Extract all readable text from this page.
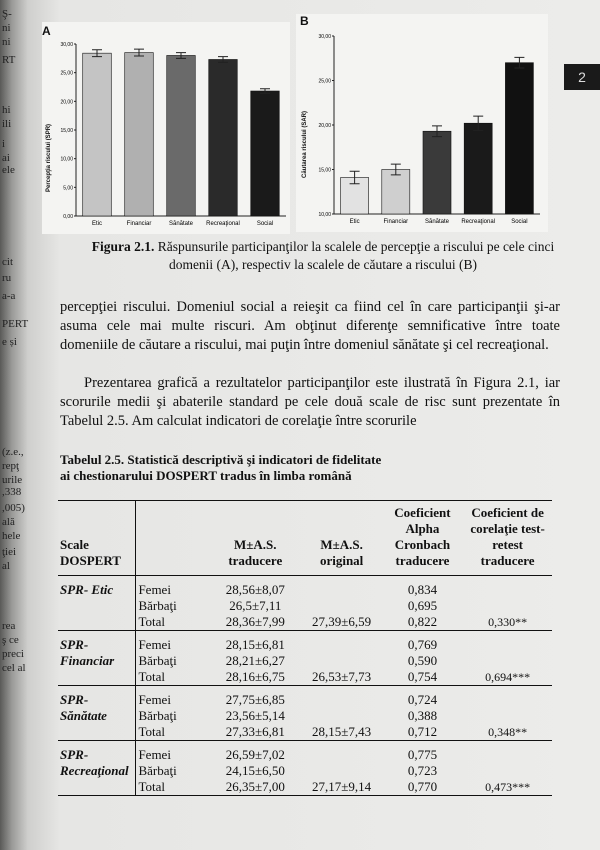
Ş-
ni
ni
RT
hi
ili
i
ai
ele
cit
ru
a-a
PERT
e și
(z.e.,
repţ
urile
,338
,005)
ală
hele
ţiei
al
rea
ş ce
preci
cel al
2
A
Percepţia riscului (SPR)
30,00
25,00
20,00
15,00
10,00
5,00
0,00
Etic	Financiar	Sănătate Recreaţional	Social
B
Căutarea riscului (SAR)
30,00
25,00
20,00
15,00
10,00
Etic	Financiar	Sănătate Recreaţional	Social
Figura 2.1. Răspunsurile participanţilor la scalele de percepţie a riscului pe cele cinci domenii (A), respectiv la scalele de căutare a riscului (B)
percepţiei riscului. Domeniul social a reieşit ca fiind cel în care participanţii şi-ar asuma cele mai multe riscuri. Am obţinut diferenţe semnificative între toate domeniile de căutare a riscului, mai puţin între domeniul sănătate şi cel recreaţional.
Prezentarea grafică a rezultatelor participanţilor este ilustrată în Figura 2.1, iar scorurile medii şi abaterile standard pe cele două scale de risc sunt prezentate în Tabelul 2.5. Am calculat indicatori de corelaţie între scorurile
Tabelul 2.5. Statistică descriptivă şi indicatori de fidelitate
ai chestionarului DOSPERT tradus în limba română
Scale DOSPERT		M±A.S. traducere	M±A.S. original	Coeficient Alpha Cronbach traducere	Coeficient de corelaţie test-retest traducere
SPR- Etic	Femei	28,56±8,07		0,834	
	Bărbaţi	26,5±7,11		0,695	
	Total	28,36±7,99	27,39±6,59	0,822	0,330**
SPR- Financiar	Femei	28,15±6,81		0,769	
	Bărbaţi	28,21±6,27		0,590	
	Total	28,16±6,75	26,53±7,73	0,754	0,694***
SPR- Sănătate	Femei	27,75±6,85		0,724	
	Bărbaţi	23,56±5,14		0,388	
	Total	27,33±6,81	28,15±7,43	0,712	0,348**
SPR- Recreaţional	Femei	26,59±7,02		0,775	
	Bărbaţi	24,15±6,50		0,723	
	Total	26,35±7,00	27,17±9,14	0,770	0,473***
